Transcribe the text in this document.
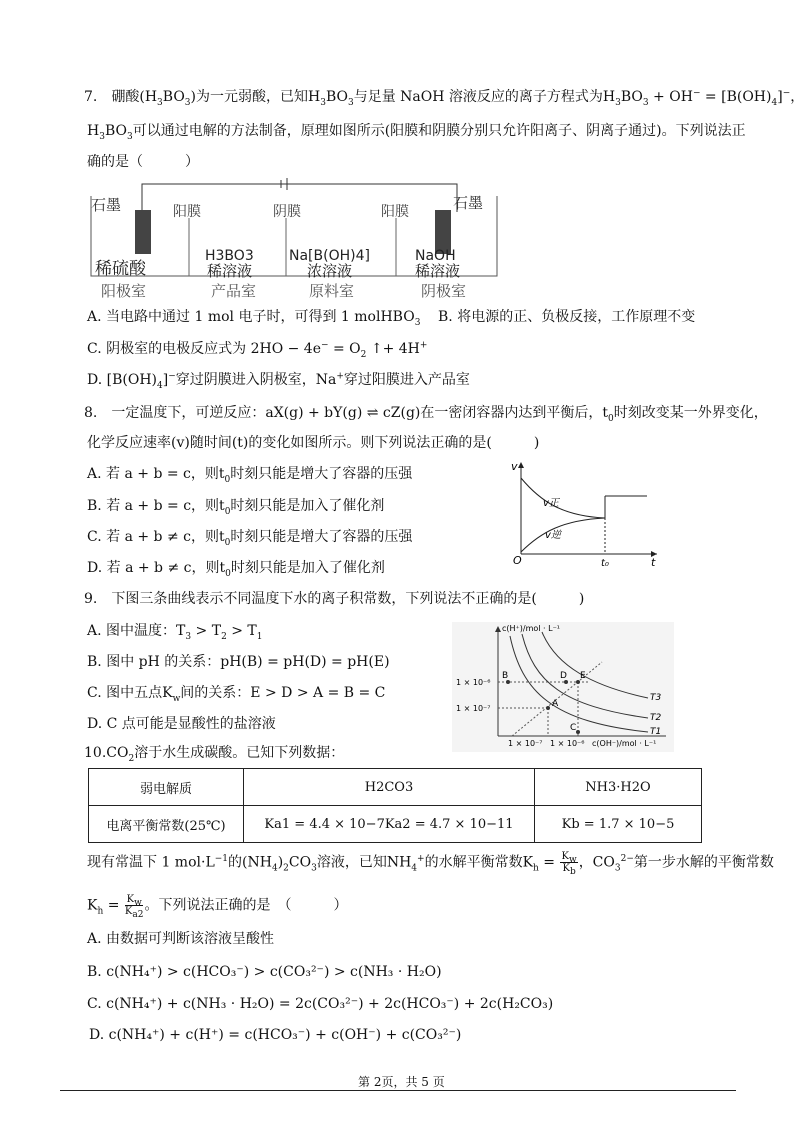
7.　硼酸$(H_3BO_3)$为一元弱酸，已知$H_3BO_3$与足量 NaOH 溶液反应的离子方程式为$H_3BO_3 + OH^- = [B(OH)_4]^-$，
$H_3BO_3$可以通过电解的方法制备，原理如图所示(阳膜和阴膜分别只允许阳离子、阴离子通过)。下列说法正
确的是（　　　）
石墨	石墨
阳膜	阴膜	阳膜
稀硫酸
H3BO3
稀溶液
Na[B(OH)4]
浓溶液
NaOH
稀溶液
阳极室	产品室	原料室	阴极室
A. 当电路中通过 1 mol 电子时，可得到 1 molHBO$_3$ B. 将电源的正、负极反接，工作原理不变
C. 阴极室的电极反应式为 $2HO - 4e^- = O_2$ ↑+ 4H+
D. $[B(OH)_4]^-$穿过阴膜进入阴极室，Na+穿过阳膜进入产品室
8.　一定温度下，可逆反应：aX(g) + bY(g) ⇌ cZ(g)在一密闭容器内达到平衡后，$t_0$时刻改变某一外界变化，
化学反应速率(v)随时间(t)的变化如图所示。则下列说法正确的是(　　　)
A. 若 a + b = c，则$t_0$时刻只能是增大了容器的压强
B. 若 a + b = c，则$t_0$时刻只能是加入了催化剂
C. 若 a + b ≠ c，则$t_0$时刻只能是增大了容器的压强
D. 若 a + b ≠ c，则$t_0$时刻只能是加入了催化剂
v
t
O	t₀
v正
v逆
9.　下图三条曲线表示不同温度下水的离子积常数，下列说法不正确的是(　　　)
A. 图中温度：$T_3 > T_2 > T_1$
B. 图中 pH 的关系：pH(B) = pH(D) = pH(E)
C. 图中五点$K_w$间的关系：E > D > A = B = C
D. C 点可能是显酸性的盐溶液
c(H⁺)/mol · L⁻¹
c(OH⁻)/mol · L⁻¹
1 × 10⁻⁶
1 × 10⁻⁷
1 × 10⁻⁷ 1 × 10⁻⁶
A
B
C
D E
T3
T2
T1
$10.CO_2$溶于水生成碳酸。已知下列数据：
弱电解质	H2CO3	NH3·H2O
电离平衡常数(25℃)	Ka1 = 4.4 × 10−7Ka2 = 4.7 × 10−11	Kb = 1.7 × 10−5
现有常温下 1 $mol\cdot L^{-1}$的$(NH_4)_2CO_3$溶液，已知$NH_4^+$的水解平衡常数$K_h = \frac{K_w}{K_b}$ ，$CO_3^{2-}$第一步水解的平衡常数
$K_h = \frac{K_w}{K_{a2}}$ 。下列说法正确的是　（　　　）
A. 由数据可判断该溶液呈酸性
B. c(NH₄⁺) > c(HCO₃⁻) > c(CO₃²⁻) > c(NH₃ · H₂O)
C. c(NH₄⁺) + c(NH₃ · H₂O) = 2c(CO₃²⁻) + 2c(HCO₃⁻) + 2c(H₂CO₃)
D. c(NH₄⁺) + c(H⁺) = c(HCO₃⁻) + c(OH⁻) + c(CO₃²⁻)
第 2页，共 5 页
